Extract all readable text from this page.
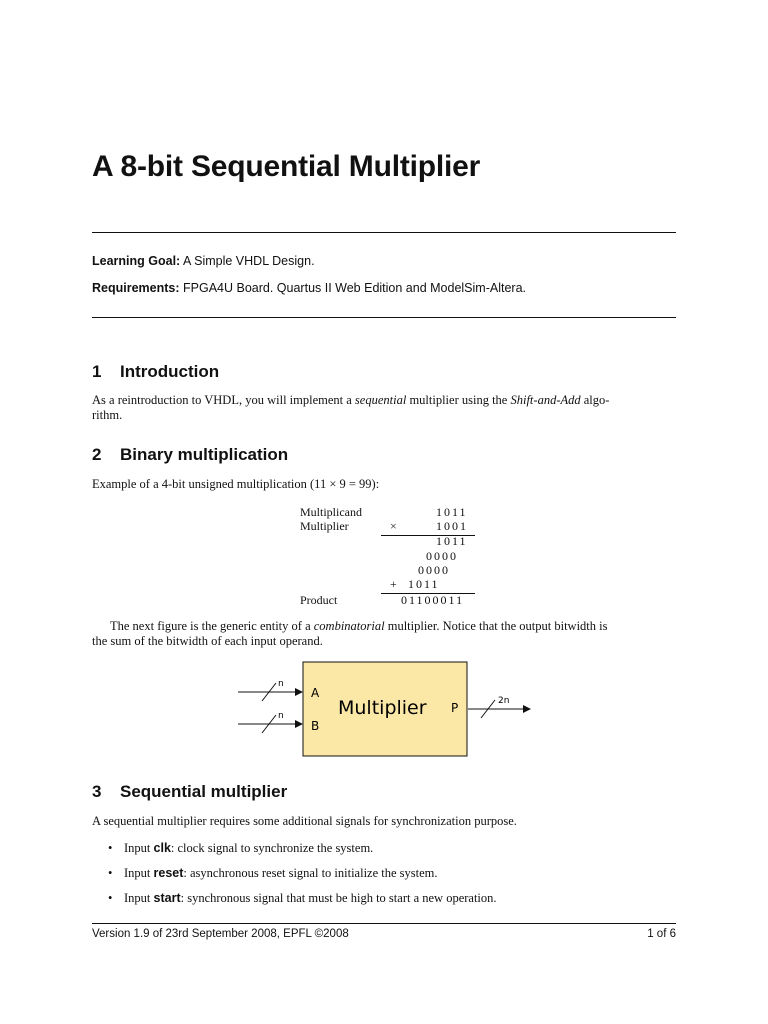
A 8-bit Sequential Multiplier
Learning Goal: A Simple VHDL Design.
Requirements: FPGA4U Board. Quartus II Web Edition and ModelSim-Altera.
1 Introduction

As a reintroduction to VHDL, you will implement a sequential multiplier using the Shift-and-Add algo-
rithm.

2 Binary multiplication

Example of a 4-bit unsigned multiplication (11 × 9 = 99):

Multiplicand	1011
Multiplier	×	1001
1011
0000
0000
+ 1011
Product	01100011

The next figure is the generic entity of a combinatorial multiplier. Notice that the output bitwidth is
the sum of the bitwidth of each input operand.

n
n
A
B
Multiplier P	2n
3 Sequential multiplier

A sequential multiplier requires some additional signals for synchronization purpose.

• Input clk: clock signal to synchronize the system.
• Input reset: asynchronous reset signal to initialize the system.
• Input start: synchronous signal that must be high to start a new operation.
Version 1.9 of 23rd September 2008, EPFL ©2008	1 of 6
